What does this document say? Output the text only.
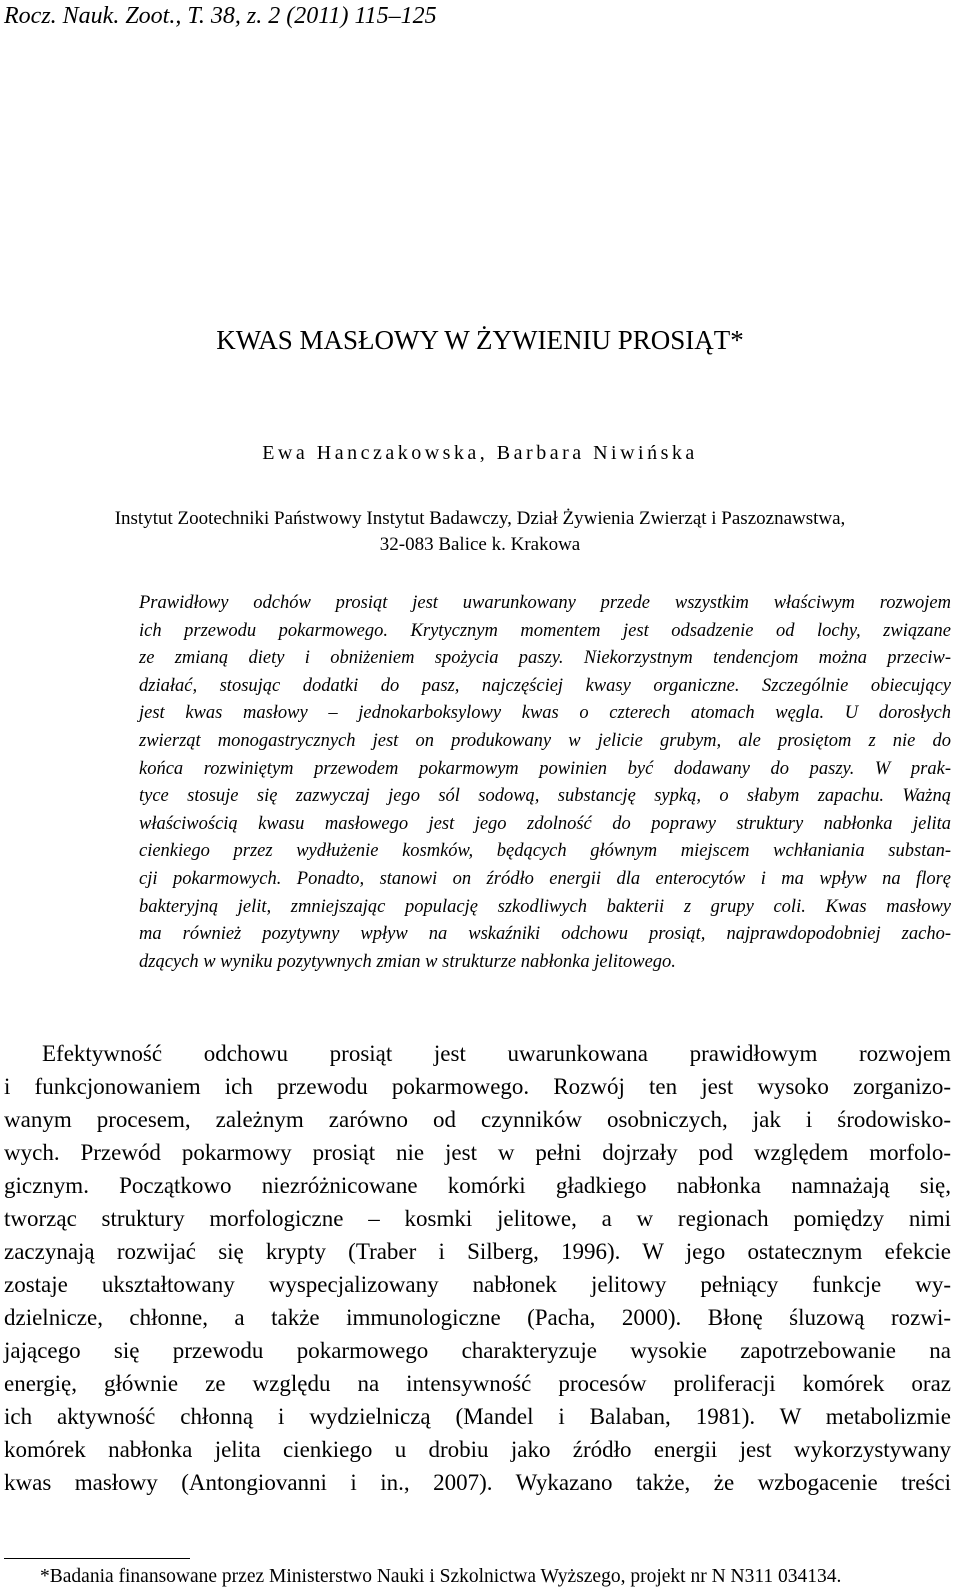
Rocz. Nauk. Zoot., T. 38, z. 2 (2011) 115–125
KWAS MASŁOWY W ŻYWIENIU PROSIĄT*
Ewa Hanczakowska, Barbara Niwińska
Instytut Zootechniki Państwowy Instytut Badawczy, Dział Żywienia Zwierząt i Paszoznawstwa,
32-083 Balice k. Krakowa
Prawidłowy odchów prosiąt jest uwarunkowany przede wszystkim właściwym rozwojem
ich przewodu pokarmowego. Krytycznym momentem jest odsadzenie od lochy, związane
ze zmianą diety i obniżeniem spożycia paszy. Niekorzystnym tendencjom można przeciw-
działać, stosując dodatki do pasz, najczęściej kwasy organiczne. Szczególnie obiecujący
jest kwas masłowy – jednokarboksylowy kwas o czterech atomach węgla. U dorosłych
zwierząt monogastrycznych jest on produkowany w jelicie grubym, ale prosiętom z nie do
końca rozwiniętym przewodem pokarmowym powinien być dodawany do paszy. W prak-
tyce stosuje się zazwyczaj jego sól sodową, substancję sypką, o słabym zapachu. Ważną
właściwością kwasu masłowego jest jego zdolność do poprawy struktury nabłonka jelita
cienkiego przez wydłużenie kosmków, będących głównym miejscem wchłaniania substan-
cji pokarmowych. Ponadto, stanowi on źródło energii dla enterocytów i ma wpływ na florę
bakteryjną jelit, zmniejszając populację szkodliwych bakterii z grupy coli. Kwas masłowy
ma również pozytywny wpływ na wskaźniki odchowu prosiąt, najprawdopodobniej zacho-
dzących w wyniku pozytywnych zmian w strukturze nabłonka jelitowego.
Efektywność odchowu prosiąt jest uwarunkowana prawidłowym rozwojem
i funkcjonowaniem ich przewodu pokarmowego. Rozwój ten jest wysoko zorganizo-
wanym procesem, zależnym zarówno od czynników osobniczych, jak i środowisko-
wych. Przewód pokarmowy prosiąt nie jest w pełni dojrzały pod względem morfolo-
gicznym. Początkowo niezróżnicowane komórki gładkiego nabłonka namnażają się,
tworząc struktury morfologiczne – kosmki jelitowe, a w regionach pomiędzy nimi
zaczynają rozwijać się krypty (Traber i Silberg, 1996). W jego ostatecznym efekcie
zostaje ukształtowany wyspecjalizowany nabłonek jelitowy pełniący funkcje wy-
dzielnicze, chłonne, a także immunologiczne (Pacha, 2000). Błonę śluzową rozwi-
jającego się przewodu pokarmowego charakteryzuje wysokie zapotrzebowanie na
energię, głównie ze względu na intensywność procesów proliferacji komórek oraz
ich aktywność chłonną i wydzielniczą (Mandel i Balaban, 1981). W metabolizmie
komórek nabłonka jelita cienkiego u drobiu jako źródło energii jest wykorzystywany
kwas masłowy (Antongiovanni i in., 2007). Wykazano także, że wzbogacenie treści
*Badania finansowane przez Ministerstwo Nauki i Szkolnictwa Wyższego, projekt nr N N311 034134.
